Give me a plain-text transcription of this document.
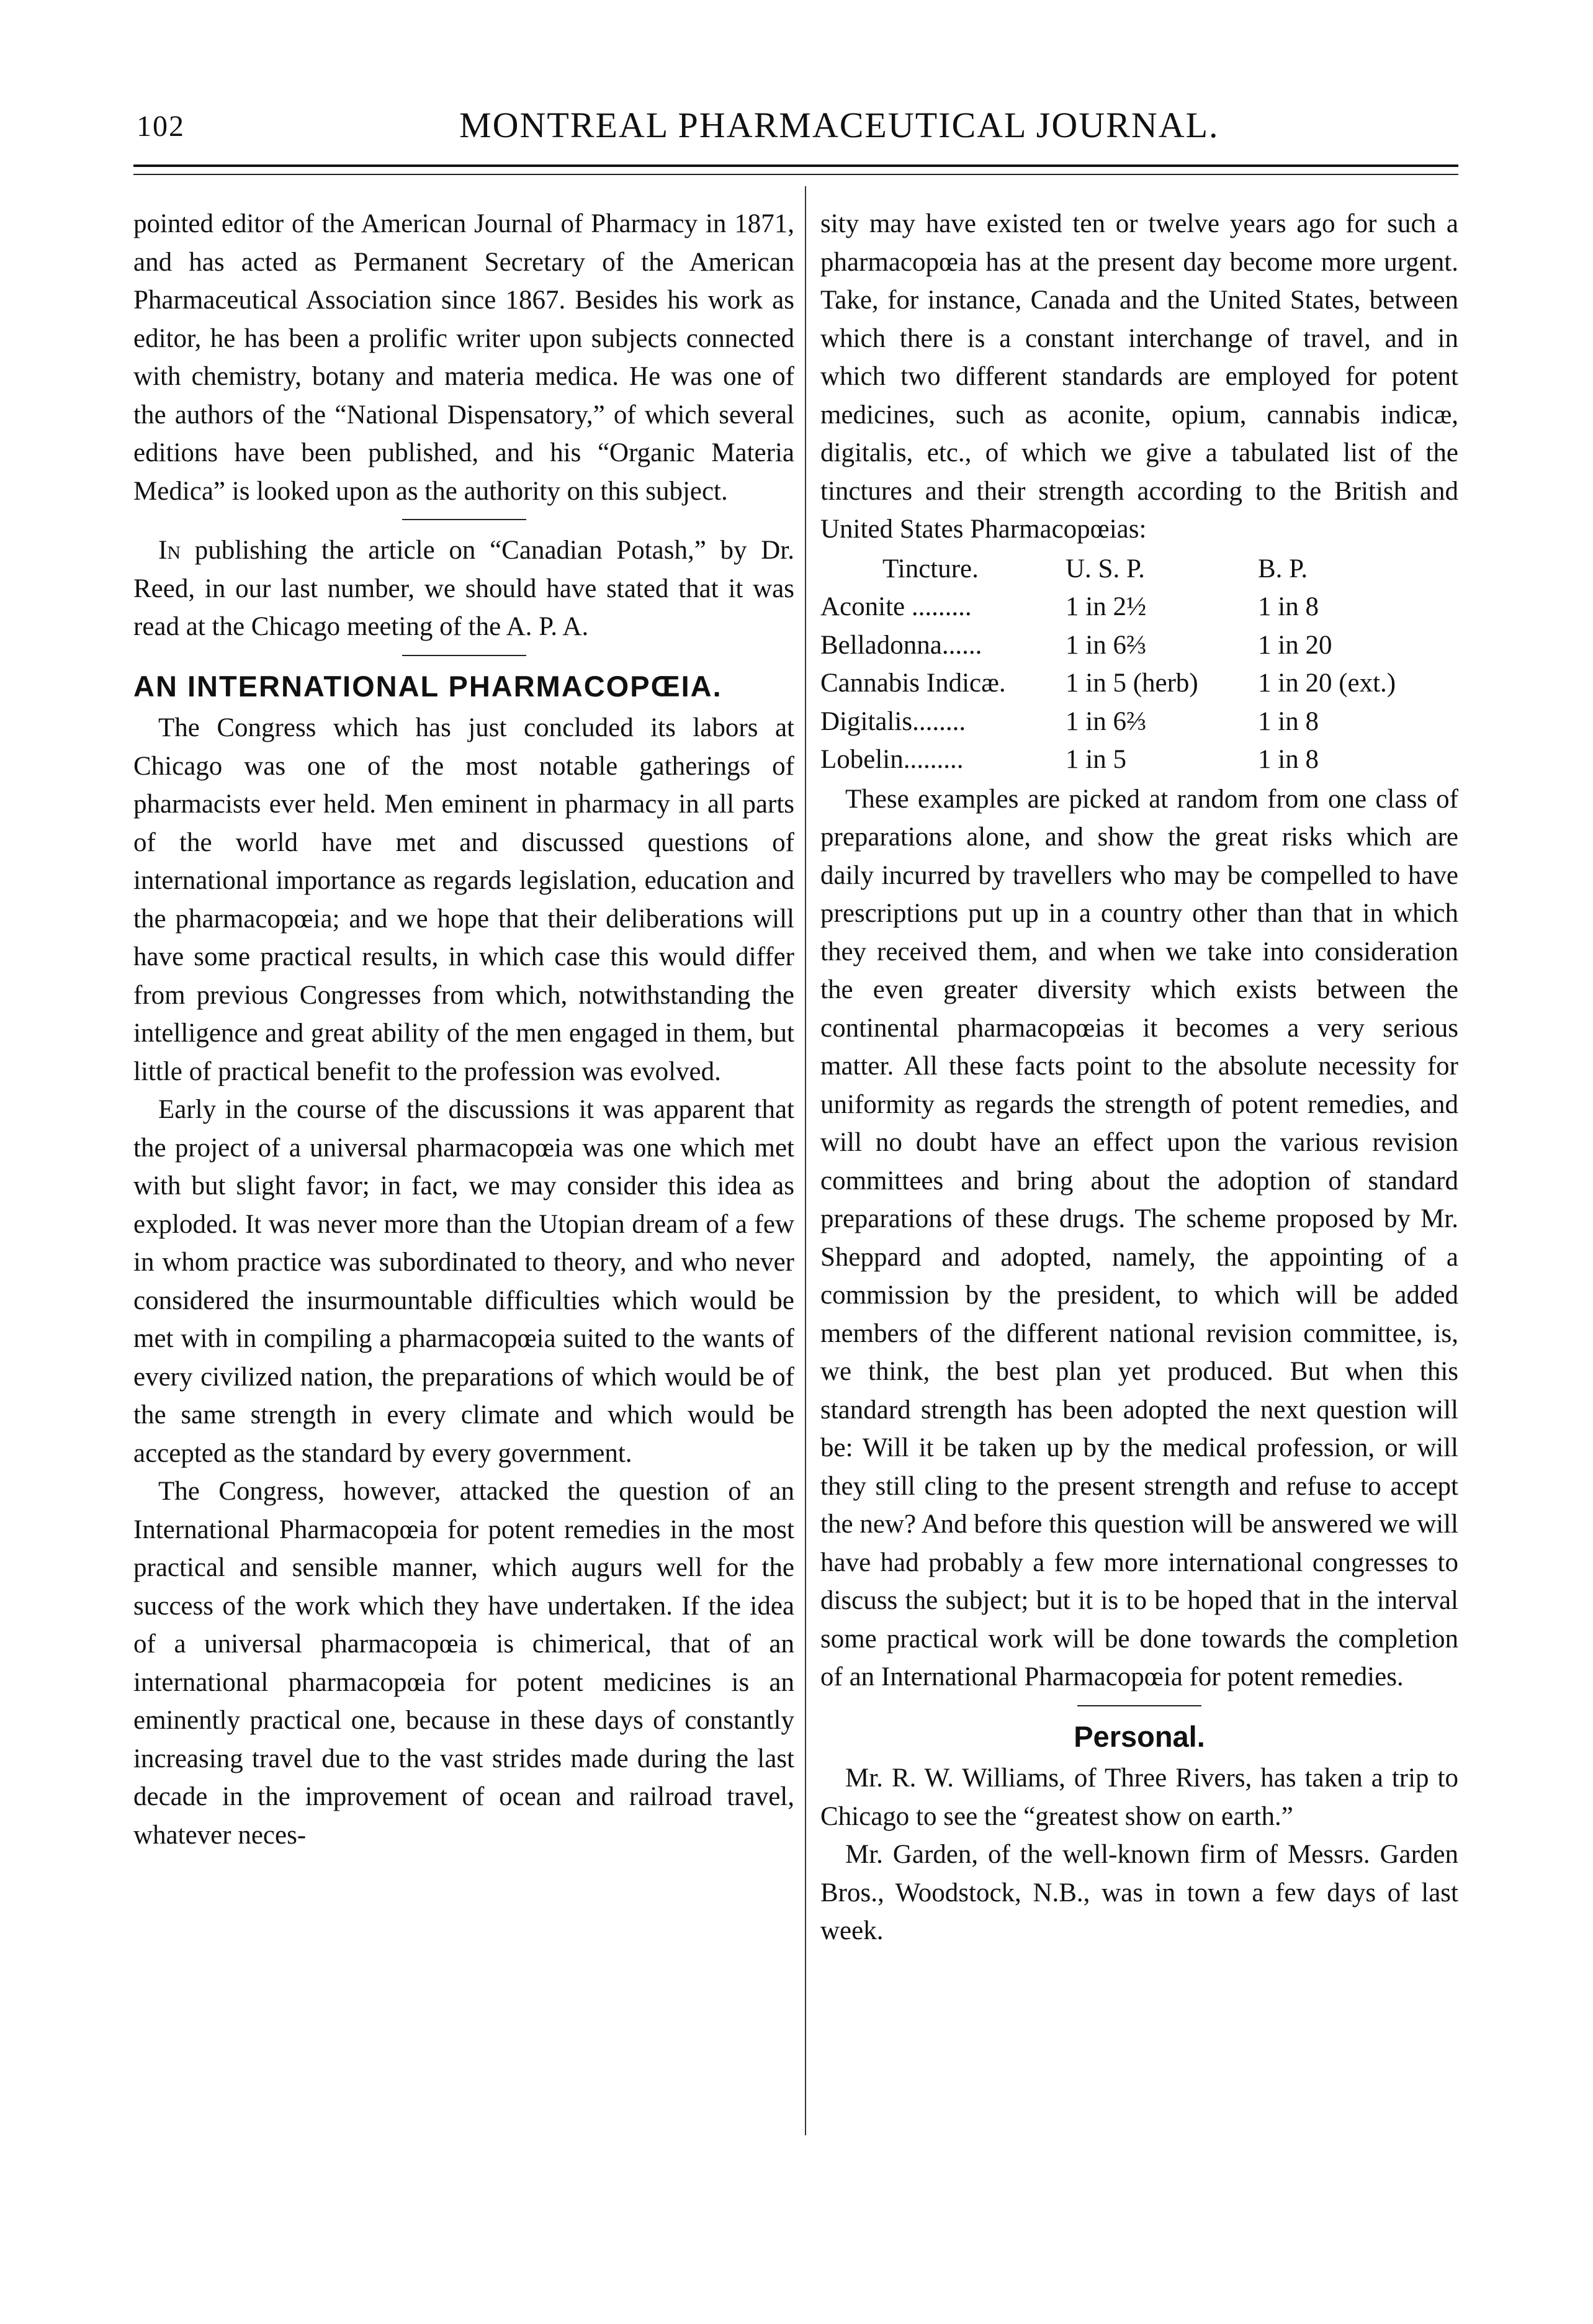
102	MONTREAL PHARMACEUTICAL JOURNAL.

pointed editor of the American Journal of Pharmacy in 1871, and has acted as Permanent Secretary of the American Pharmaceutical Association since 1867. Besides his work as editor, he has been a prolific writer upon subjects connected with chemistry, botany and materia medica. He was one of the authors of the “National Dispensatory,” of which several editions have been published, and his “Organic Materia Medica” is looked upon as the authority on this subject.

In publishing the article on “Canadian Potash,” by Dr. Reed, in our last number, we should have stated that it was read at the Chicago meeting of the A. P. A.

AN INTERNATIONAL PHARMACOPŒIA.

The Congress which has just concluded its labors at Chicago was one of the most notable gatherings of pharmacists ever held. Men eminent in pharmacy in all parts of the world have met and discussed questions of international importance as regards legislation, education and the pharmacopœia; and we hope that their deliberations will have some practical results, in which case this would differ from previous Congresses from which, notwithstanding the intelligence and great ability of the men engaged in them, but little of practical benefit to the profession was evolved.

Early in the course of the discussions it was apparent that the project of a universal pharmacopœia was one which met with but slight favor; in fact, we may consider this idea as exploded. It was never more than the Utopian dream of a few in whom practice was subordinated to theory, and who never considered the insurmountable difficulties which would be met with in compiling a pharmacopœia suited to the wants of every civilized nation, the preparations of which would be of the same strength in every climate and which would be accepted as the standard by every government.

The Congress, however, attacked the question of an International Pharmacopœia for potent remedies in the most practical and sensible manner, which augurs well for the success of the work which they have undertaken. If the idea of a universal pharmacopœia is chimerical, that of an international pharmacopœia for potent medicines is an eminently practical one, because in these days of constantly increasing travel due to the vast strides made during the last decade in the improvement of ocean and railroad travel, whatever neces-

sity may have existed ten or twelve years ago for such a pharmacopœia has at the present day become more urgent. Take, for instance, Canada and the United States, between which there is a constant interchange of travel, and in which two different standards are employed for potent medicines, such as aconite, opium, cannabis indicæ, digitalis, etc., of which we give a tabulated list of the tinctures and their strength according to the British and United States Pharmacopœias:

Tincture.	U. S. P.	B. P.
Aconite .........	1 in 2½	1 in 8
Belladonna......	1 in 6⅔	1 in 20
Cannabis Indicæ.	1 in 5 (herb)	1 in 20 (ext.)
Digitalis........	1 in 6⅔	1 in 8
Lobelin.........	1 in 5	1 in 8

These examples are picked at random from one class of preparations alone, and show the great risks which are daily incurred by travellers who may be compelled to have prescriptions put up in a country other than that in which they received them, and when we take into consideration the even greater diversity which exists between the continental pharmacopœias it becomes a very serious matter. All these facts point to the absolute necessity for uniformity as regards the strength of potent remedies, and will no doubt have an effect upon the various revision committees and bring about the adoption of standard preparations of these drugs. The scheme proposed by Mr. Sheppard and adopted, namely, the appointing of a commission by the president, to which will be added members of the different national revision committee, is, we think, the best plan yet produced. But when this standard strength has been adopted the next question will be: Will it be taken up by the medical profession, or will they still cling to the present strength and refuse to accept the new? And before this question will be answered we will have had probably a few more international congresses to discuss the subject; but it is to be hoped that in the interval some practical work will be done towards the completion of an International Pharmacopœia for potent remedies.

Personal.

Mr. R. W. Williams, of Three Rivers, has taken a trip to Chicago to see the “greatest show on earth.”

Mr. Garden, of the well-known firm of Messrs. Garden Bros., Woodstock, N.B., was in town a few days of last week.
